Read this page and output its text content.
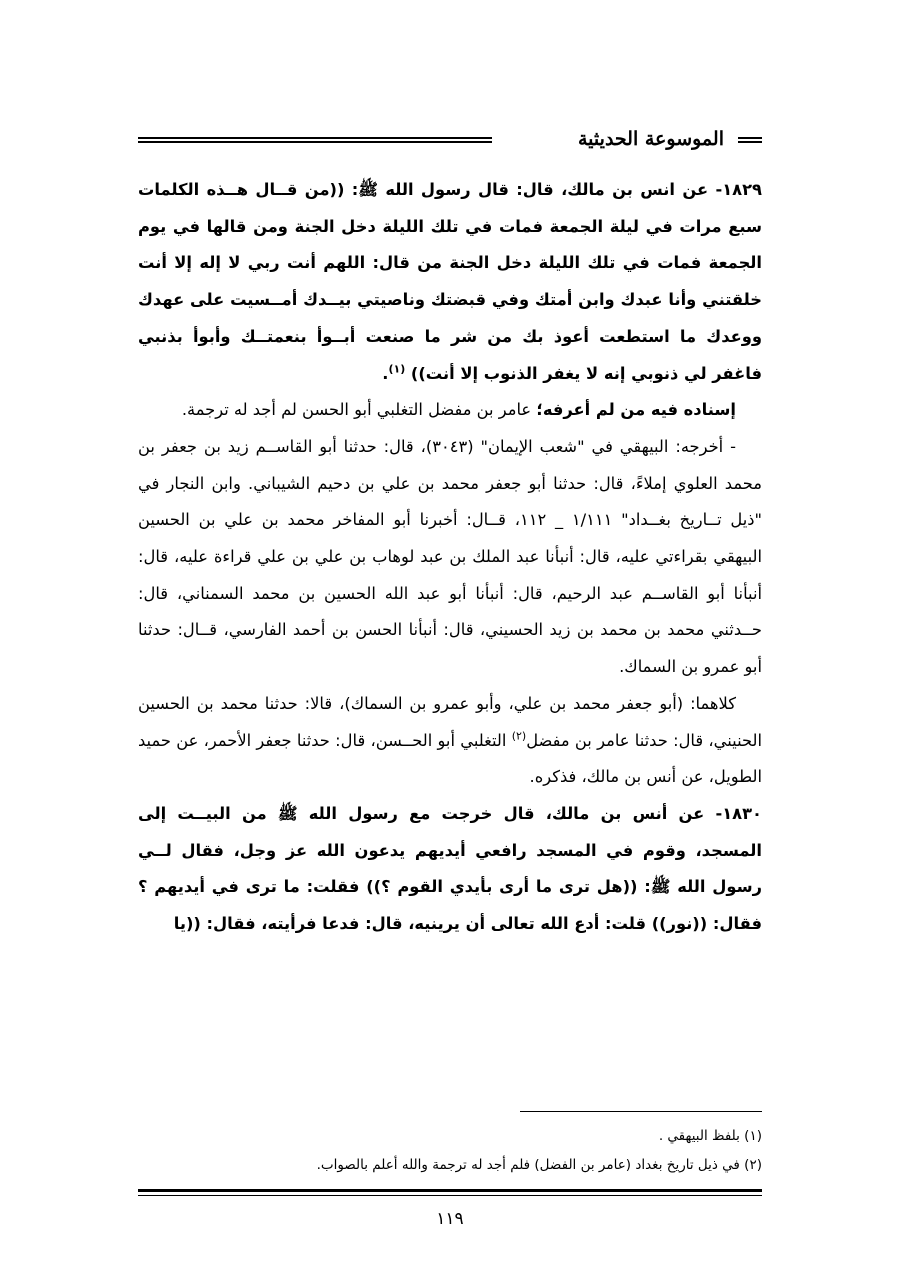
الموسوعة الحديثية

١٨٢٩- عن انس بن مالك، قال: قال رسول الله ﷺ: ((من قــال هــذه الكلمات سبع مرات في ليلة الجمعة فمات في تلك الليلة دخل الجنة ومن قالها في يوم الجمعة فمات في تلك الليلة دخل الجنة من قال: اللهم أنت ربي لا إله إلا أنت خلقتني وأنا عبدك وابن أمتك وفي قبضتك وناصيتي بيــدك أمــسيت على عهدك ووعدك ما استطعت أعوذ بك من شر ما صنعت أبــوأ بنعمتــك وأبوأ بذنبي فاغفر لي ذنوبي إنه لا يغفر الذنوب إلا أنت)) $^{(١)}$.

إسناده فيه من لم أعرفه؛ عامر بن مفضل التغلبي أبو الحسن لم أجد له ترجمة.

- أخرجه: البيهقي في "شعب الإيمان" (٣٠٤٣)، قال: حدثنا أبو القاســم زيد بن جعفر بن محمد العلوي إملاءً، قال: حدثنا أبو جعفر محمد بن علي بن دحيم الشيباني. وابن النجار في "ذيل تــاريخ بغــداد" ١/١١١ _ ١١٢، قــال: أخبرنا أبو المفاخر محمد بن علي بن الحسين البيهقي بقراءتي عليه، قال: أنبأنا عبد الملك بن عبد لوهاب بن علي بن علي قراءة عليه، قال: أنبأنا أبو القاســم عبد الرحيم، قال: أنبأنا أبو عبد الله الحسين بن محمد السمناني، قال: حــدثني محمد بن محمد بن زيد الحسيني، قال: أنبأنا الحسن بن أحمد الفارسي، قــال: حدثنا أبو عمرو بن السماك.

كلاهما: (أبو جعفر محمد بن علي، وأبو عمرو بن السماك)، قالا: حدثنا محمد بن الحسين الحنيني، قال: حدثنا عامر بن مفضل$^{(٢)}$ التغلبي أبو الحــسن، قال: حدثنا جعفر الأحمر، عن حميد الطويل، عن أنس بن مالك، فذكره.

١٨٣٠- عن أنس بن مالك، قال خرجت مع رسول الله ﷺ من البيــت إلى المسجد، وقوم في المسجد رافعي أيديهم يدعون الله عز وجل، فقال لــي رسول الله ﷺ: ((هل ترى ما أرى بأيدي القوم ؟)) فقلت: ما ترى في أيديهم ؟ فقال: ((نور)) قلت: أدع الله تعالى أن يرينيه، قال: فدعا فرأيته، فقال: ((يا

(١) بلفظ البيهقي .

(٢) في ذيل تاريخ بغداد (عامر بن الفضل) فلم أجد له ترجمة والله أعلم بالصواب.

١١٩
